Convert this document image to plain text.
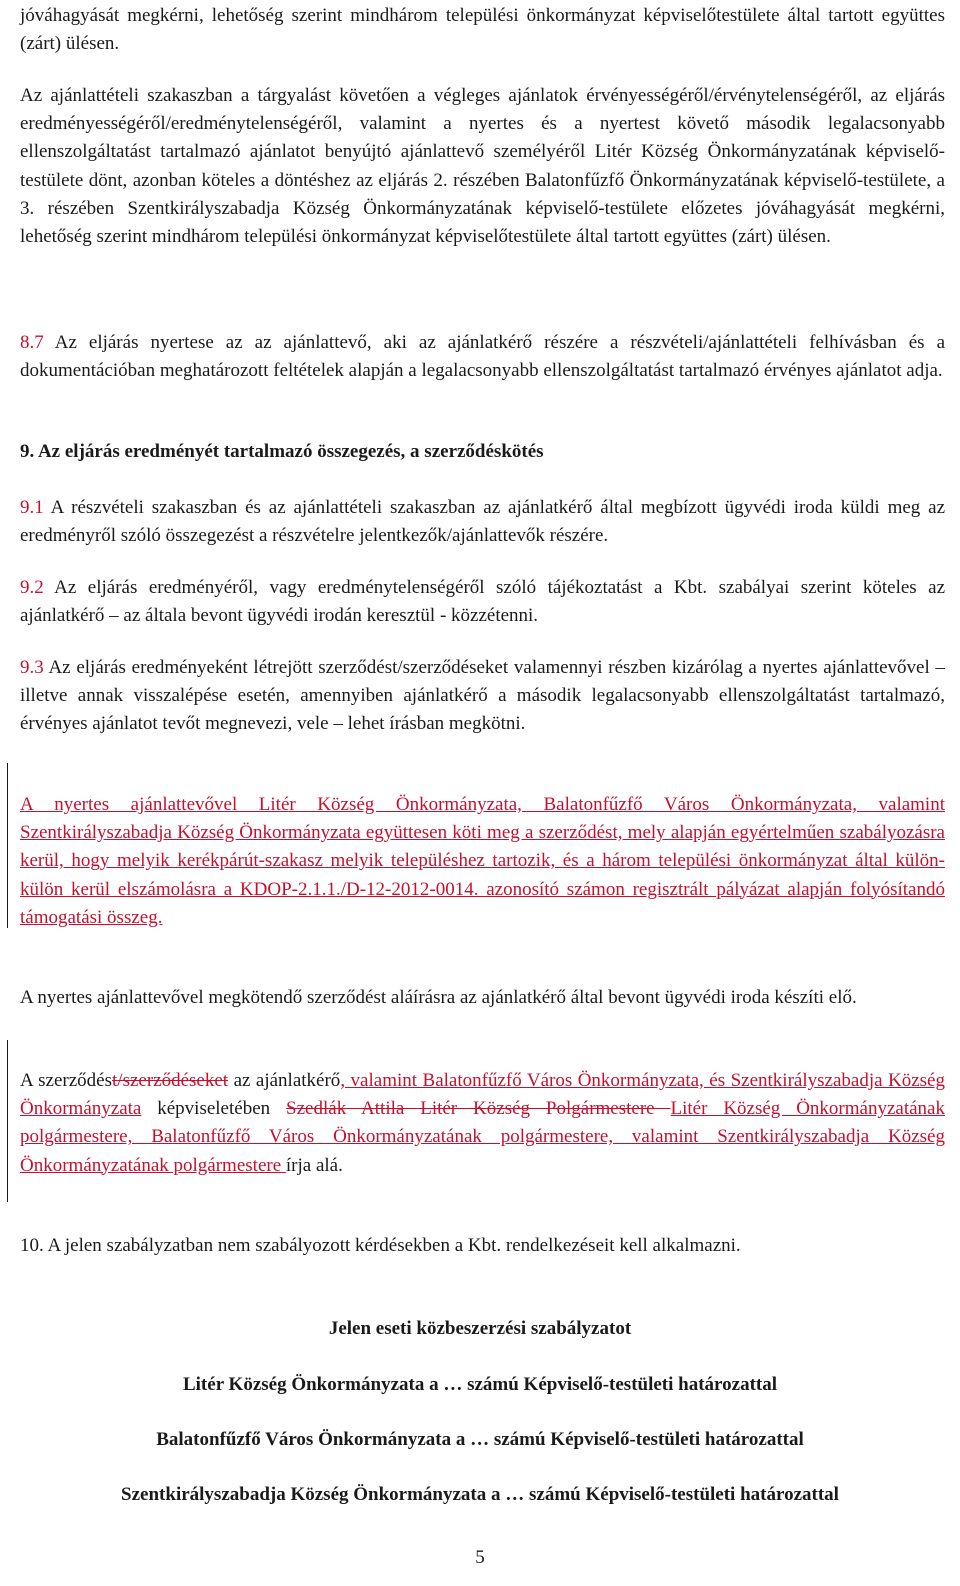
jóváhagyását megkérni, lehetőség szerint mindhárom települési önkormányzat képviselőtestülete által tartott együttes (zárt) ülésen.

Az ajánlattételi szakaszban a tárgyalást követően a végleges ajánlatok érvényességéről/érvénytelenségéről, az eljárás eredményességéről/eredménytelenségéről, valamint a nyertes és a nyertest követő második legalacsonyabb ellenszolgáltatást tartalmazó ajánlatot benyújtó ajánlattevő személyéről Litér Község Önkormányzatának képviselő-testülete dönt, azonban köteles a döntéshez az eljárás 2. részében Balatonfűzfő Önkormányzatának képviselő-testülete, a 3. részében Szentkirályszabadja Község Önkormányzatának képviselő-testülete előzetes jóváhagyását megkérni, lehetőség szerint mindhárom települési önkormányzat képviselőtestülete által tartott együttes (zárt) ülésen.

8.7 Az eljárás nyertese az az ajánlattevő, aki az ajánlatkérő részére a részvételi/ajánlattételi felhívásban és a dokumentációban meghatározott feltételek alapján a legalacsonyabb ellenszolgáltatást tartalmazó érvényes ajánlatot adja.

9. Az eljárás eredményét tartalmazó összegezés, a szerződéskötés

9.1 A részvételi szakaszban és az ajánlattételi szakaszban az ajánlatkérő által megbízott ügyvédi iroda küldi meg az eredményről szóló összegezést a részvételre jelentkezők/ajánlattevők részére.

9.2 Az eljárás eredményéről, vagy eredménytelenségéről szóló tájékoztatást a Kbt. szabályai szerint köteles az ajánlatkérő – az általa bevont ügyvédi irodán keresztül - közzétenni.

9.3 Az eljárás eredményeként létrejött szerződést/szerződéseket valamennyi részben kizárólag a nyertes ajánlattevővel – illetve annak visszalépése esetén, amennyiben ajánlatkérő a második legalacsonyabb ellenszolgáltatást tartalmazó, érvényes ajánlatot tevőt megnevezi, vele – lehet írásban megkötni.

A nyertes ajánlattevővel Litér Község Önkormányzata, Balatonfűzfő Város Önkormányzata, valamint Szentkirályszabadja Község Önkormányzata együttesen köti meg a szerződést, mely alapján egyértelműen szabályozásra kerül, hogy melyik kerékpárút-szakasz melyik településhez tartozik, és a három települési önkormányzat által külön-külön kerül elszámolásra a KDOP-2.1.1./D-12-2012-0014. azonosító számon regisztrált pályázat alapján folyósítandó támogatási összeg.

A nyertes ajánlattevővel megkötendő szerződést aláírásra az ajánlatkérő által bevont ügyvédi iroda készíti elő.

A szerződést/szerződéseket az ajánlatkérő, valamint Balatonfűzfő Város Önkormányzata, és Szentkirályszabadja Község Önkormányzata képviseletében Szedlák Attila Litér Község Polgármestere Litér Község Önkormányzatának polgármestere, Balatonfűzfő Város Önkormányzatának polgármestere, valamint Szentkirályszabadja Község Önkormányzatának polgármestere írja alá.

10. A jelen szabályzatban nem szabályozott kérdésekben a Kbt. rendelkezéseit kell alkalmazni.

Jelen eseti közbeszerzési szabályzatot

Litér Község Önkormányzata a … számú Képviselő-testületi határozattal

Balatonfűzfő Város Önkormányzata a … számú Képviselő-testületi határozattal

Szentkirályszabadja Község Önkormányzata a … számú Képviselő-testületi határozattal

5
